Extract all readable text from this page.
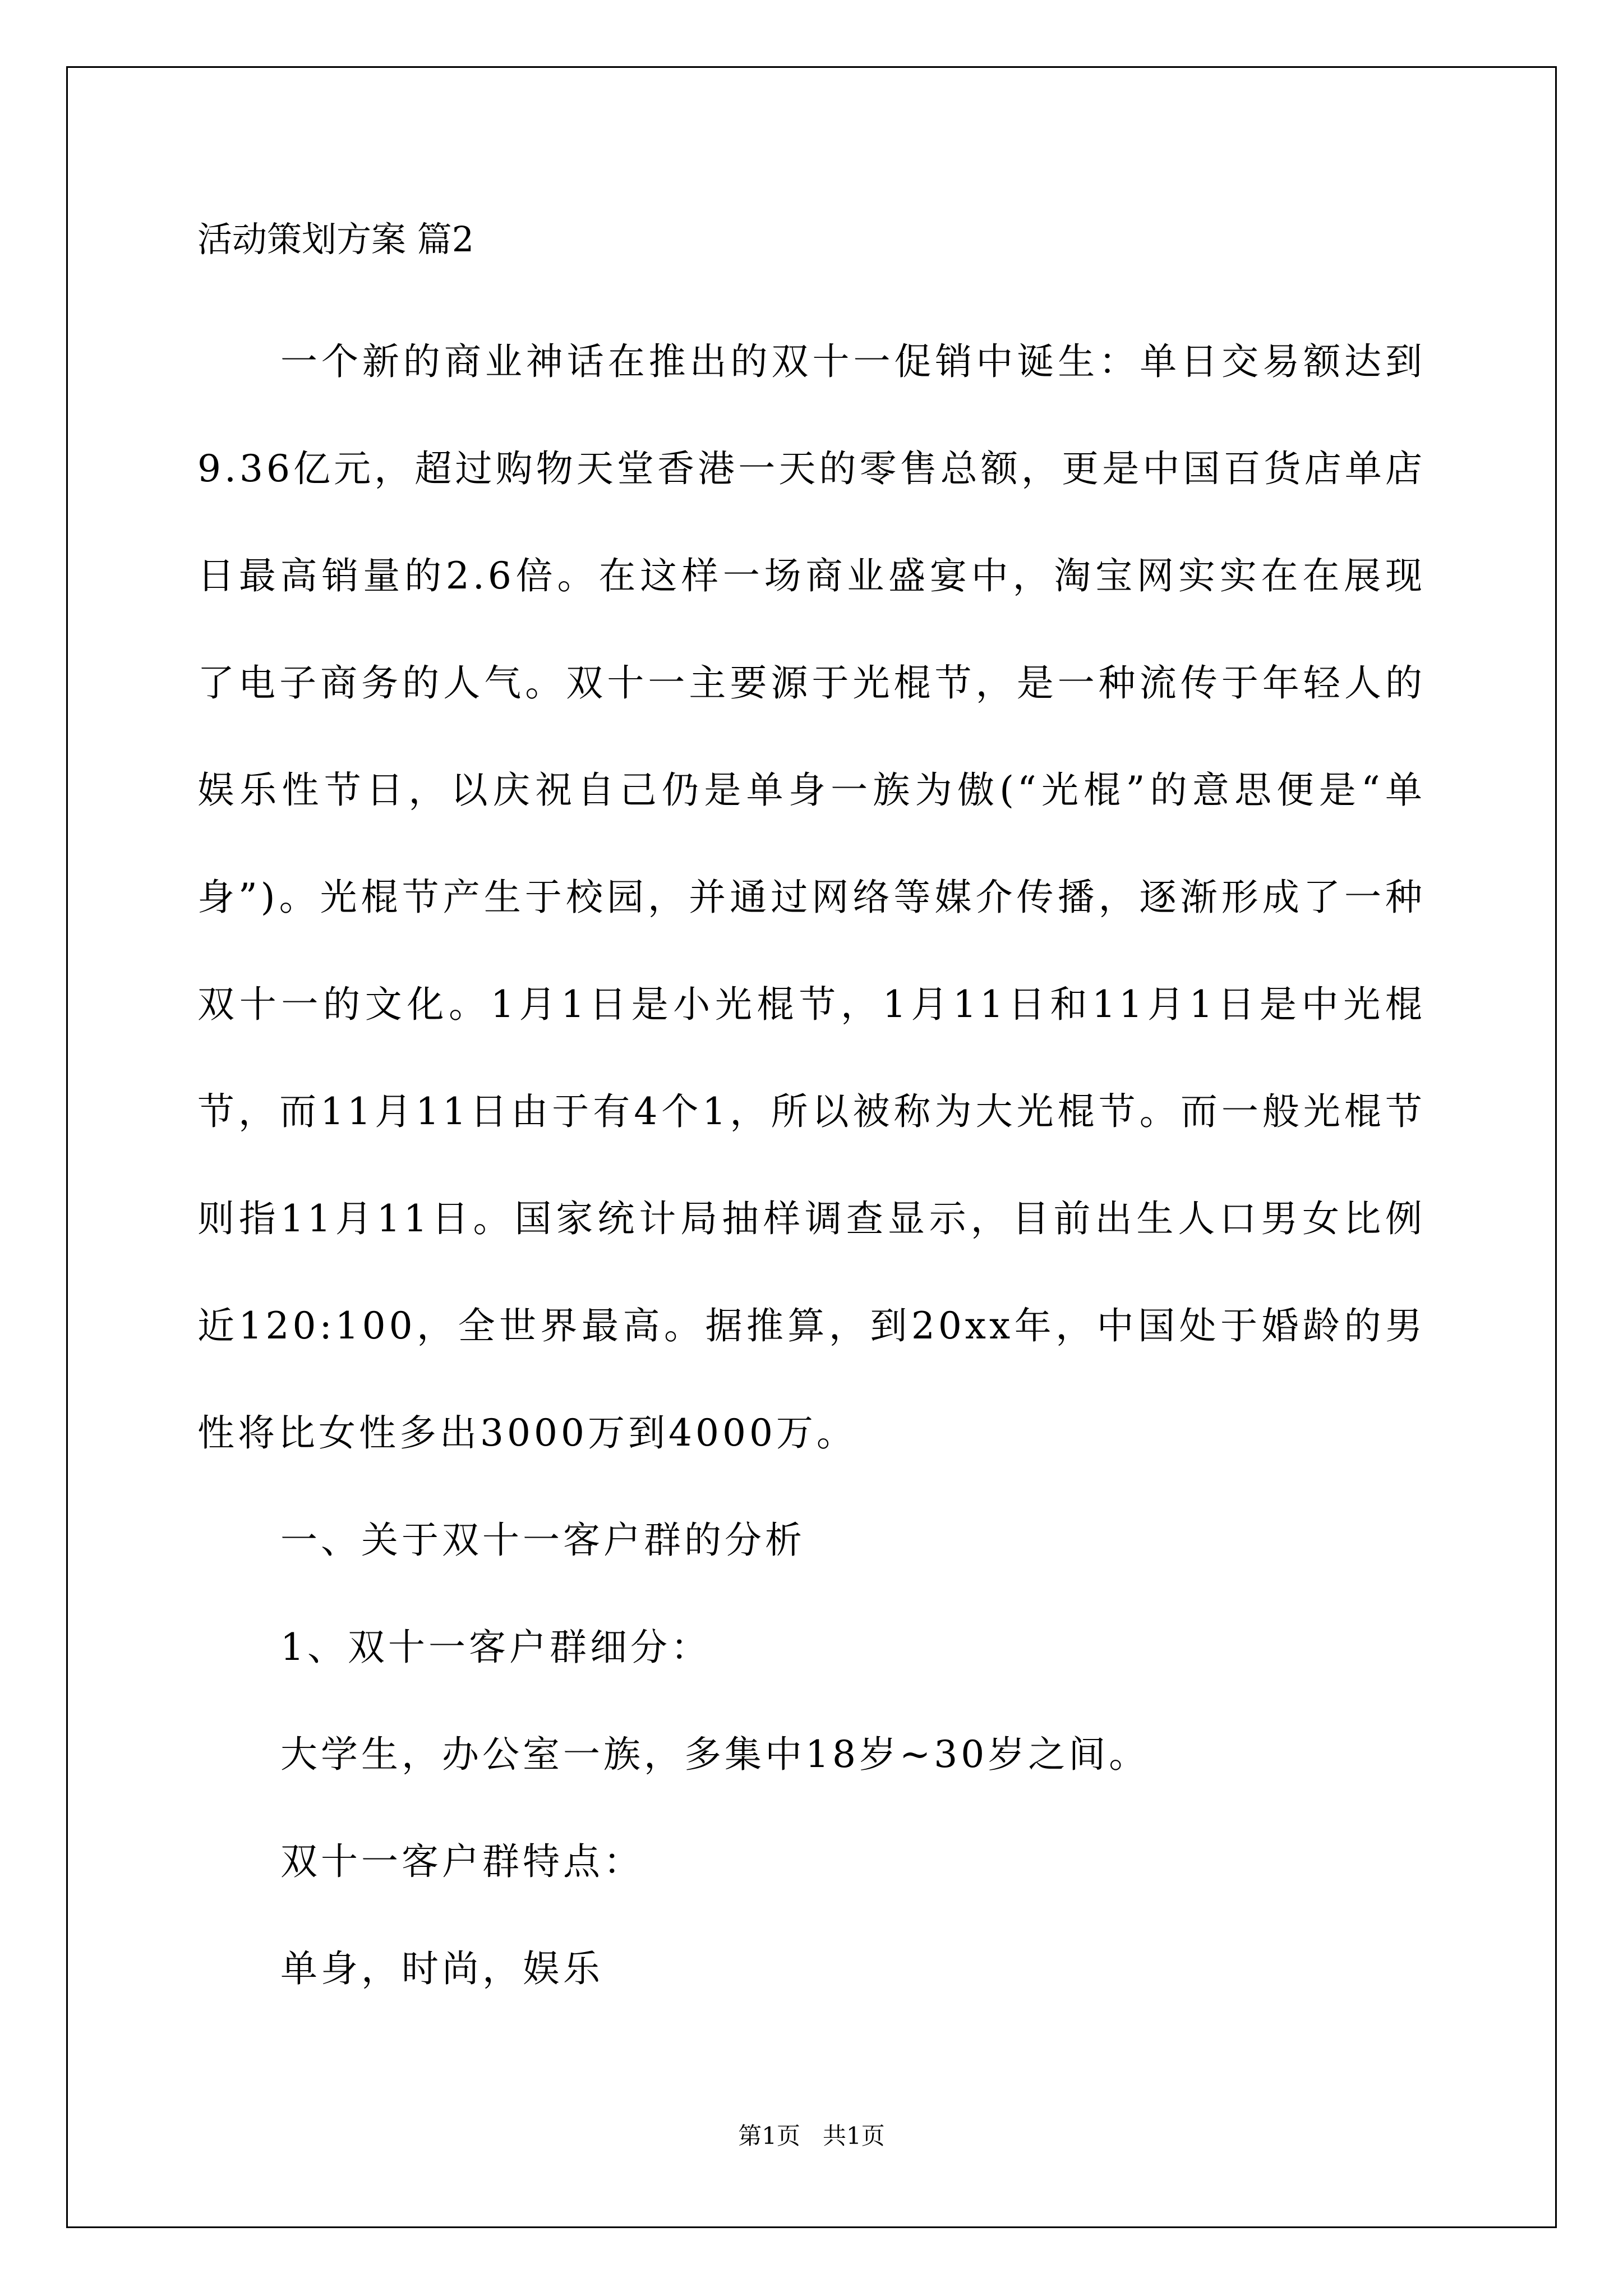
活动策划方案 篇2

一个新的商业神话在推出的双十一促销中诞生：单日交易额达到9.36亿元，超过购物天堂香港一天的零售总额，更是中国百货店单店日最高销量的2.6倍。在这样一场商业盛宴中，淘宝网实实在在展现了电子商务的人气。双十一主要源于光棍节，是一种流传于年轻人的娱乐性节日，以庆祝自己仍是单身一族为傲(“光棍”的意思便是“单身”)。光棍节产生于校园，并通过网络等媒介传播，逐渐形成了一种双十一的文化。1月1日是小光棍节，1月11日和11月1日是中光棍节，而11月11日由于有4个1，所以被称为大光棍节。而一般光棍节则指11月11日。国家统计局抽样调查显示，目前出生人口男女比例近120:100，全世界最高。据推算，到20xx年，中国处于婚龄的男性将比女性多出3000万到4000万。

一、关于双十一客户群的分析
1、双十一客户群细分：
大学生，办公室一族，多集中18岁~30岁之间。
双十一客户群特点：
单身，时尚，娱乐
第1页   共1页
